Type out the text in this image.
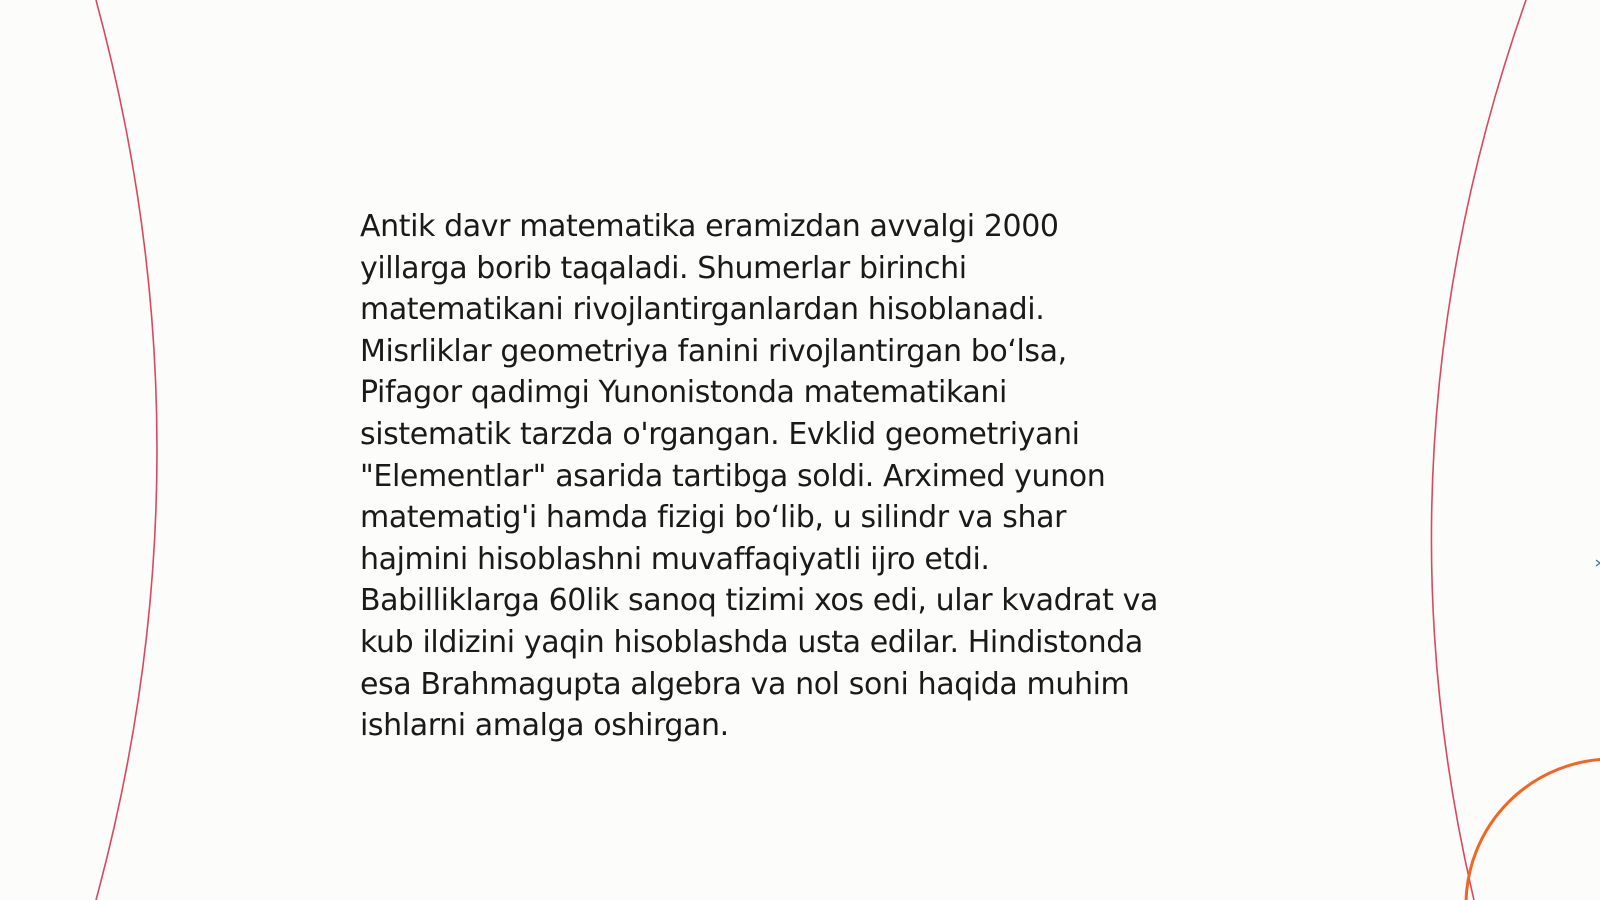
Antik davr matematika eramizdan avvalgi 2000
yillarga borib taqaladi. Shumerlar birinchi
matematikani rivojlantirganlardan hisoblanadi.
Misrliklar geometriya fanini rivojlantirgan bo‘lsa,
Pifagor qadimgi Yunonistonda matematikani
sistematik tarzda o'rgangan. Evklid geometriyani
"Elementlar" asarida tartibga soldi. Arximed yunon
matematig'i hamda fizigi bo‘lib, u silindr va shar
hajmini hisoblashni muvaffaqiyatli ijro etdi.
Babilliklarga 60lik sanoq tizimi xos edi, ular kvadrat va
kub ildizini yaqin hisoblashda usta edilar. Hindistonda
esa Brahmagupta algebra va nol soni haqida muhim
ishlarni amalga oshirgan.
